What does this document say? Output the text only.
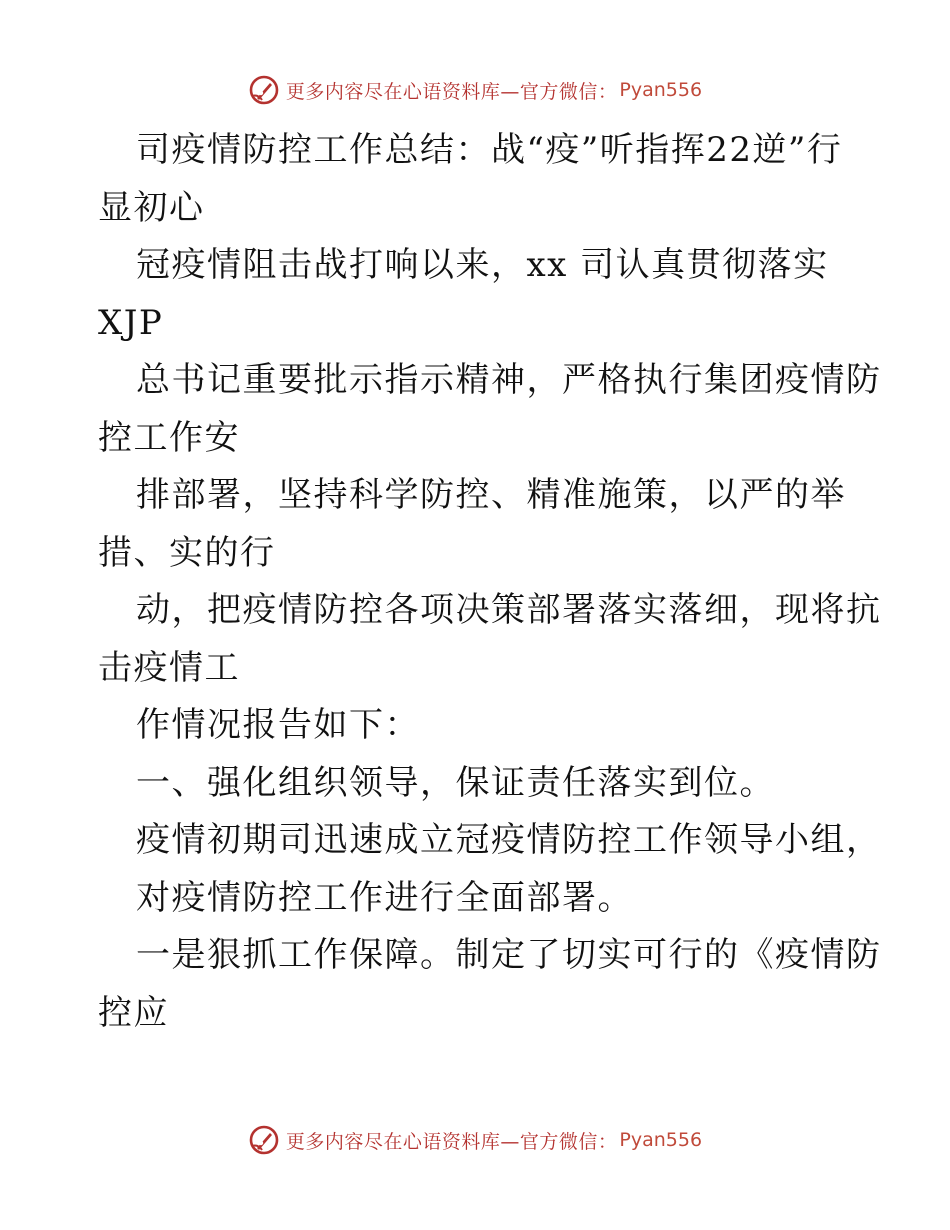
更多内容尽在心语资料库—官方微信： Pyan556
司疫情防控工作总结：战“疫”听指挥22逆”行
显初心
冠疫情阻击战打响以来，xx 司认真贯彻落实
XJP
总书记重要批示指示精神，严格执行集团疫情防
控工作安
排部署，坚持科学防控、精准施策，以严的举
措、实的行
动，把疫情防控各项决策部署落实落细，现将抗
击疫情工
作情况报告如下：
一、强化组织领导，保证责任落实到位。
疫情初期司迅速成立冠疫情防控工作领导小组，
对疫情防控工作进行全面部署。
一是狠抓工作保障。制定了切实可行的《疫情防
控应
更多内容尽在心语资料库—官方微信： Pyan556
